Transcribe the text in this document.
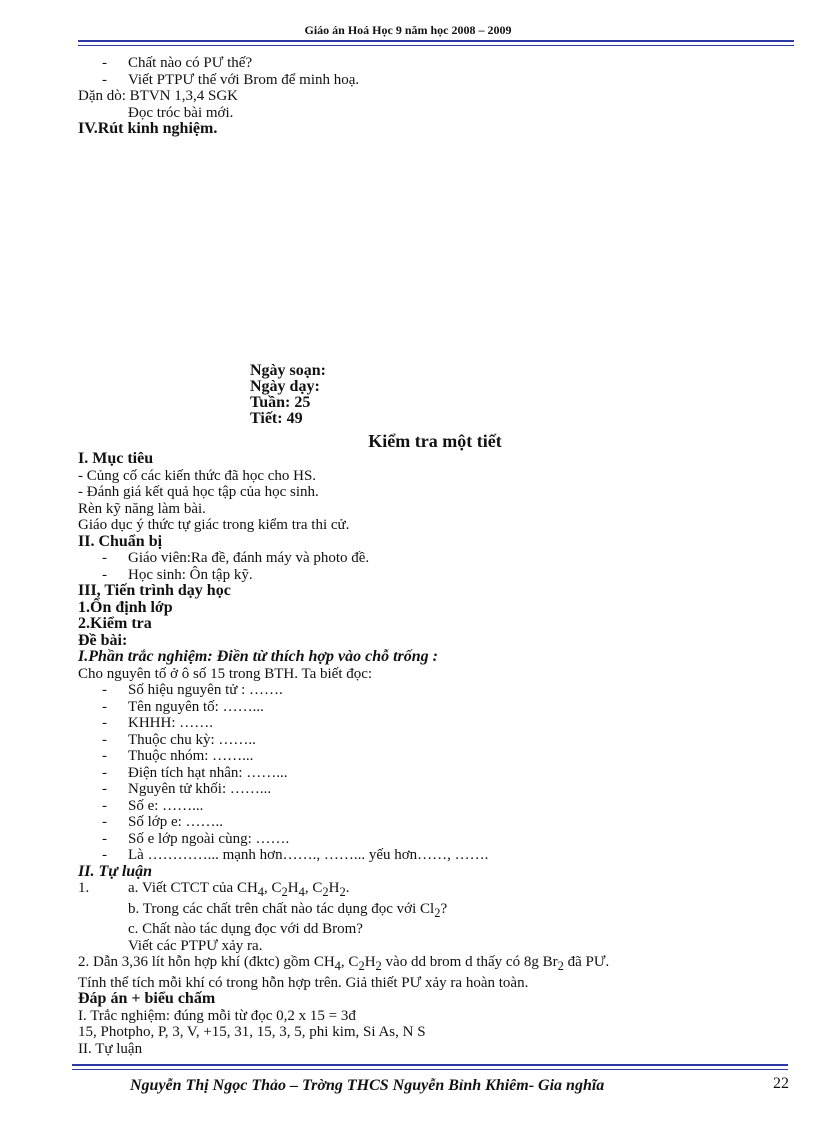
Giáo án Hoá Học 9 năm học 2008 – 2009
- Chất nào có PƯ thế?
- Viết PTPƯ thế với Brom để minh hoạ.
Dặn dò: BTVN 1,3,4 SGK
Đọc tróc bài mới.
IV.Rút kinh nghiệm.
Ngày soạn:
Ngày dạy:
Tuần: 25
Tiết: 49
Kiểm tra một tiết
I. Mục tiêu
- Củng cố các kiến thức đã học cho HS.
- Đánh giá kết quả học tập của học sinh.
Rèn kỹ năng làm bài.
Giáo dục ý thức tự giác trong kiểm tra thi cử.
II. Chuẩn bị
- Giáo viên:Ra đề, đánh máy và photo đề.
- Học sinh: Ôn tập kỹ.
III, Tiến trình dạy học
1.Ổn định lớp
2.Kiểm tra
Đề bài:
I.Phần trắc nghiệm: Điền từ thích hợp vào chỗ trống :
Cho nguyên tố ở ô số 15 trong BTH. Ta biết đọc:
- Số hiệu nguyên tử : …….
- Tên nguyên tố: ……...
- KHHH: …….
- Thuộc chu kỳ: ……..
- Thuộc nhóm: ……...
- Điện tích hạt nhân: ……...
- Nguyên tử khối: ……...
- Số e: ……...
- Số lớp e: ……..
- Số e lớp ngoài cùng: …….
- Là …………... mạnh hơn……., ……... yếu hơn……, …….
II. Tự luận
1.	a. Viết CTCT của $CH_4$, $C_2H_4$, $C_2H_2$.
b. Trong các chất trên chất nào tác dụng đọc với $Cl_2$?
c. Chất nào tác dụng đọc với dd Brom?
Viết các PTPƯ xảy ra.
2. Dẫn 3,36 lít hỗn hợp khí (đktc) gồm $CH_4$, $C_2H_2$ vào dd brom d thấy có 8g $Br_2$ đã PƯ.
Tính thể tích mỗi khí có trong hỗn hợp trên. Giả thiết PƯ xảy ra hoàn toàn.
Đáp án + biểu chấm
I. Trắc nghiệm: đúng mỗi từ đọc 0,2 x 15 = 3đ
15, Photpho, P, 3, V, +15, 31, 15, 3, 5, phi kim, Si As, N S
II. Tự luận
Nguyễn Thị Ngọc Thảo – Trờng THCS Nguyễn Bỉnh Khiêm- Gia nghĩa	22
